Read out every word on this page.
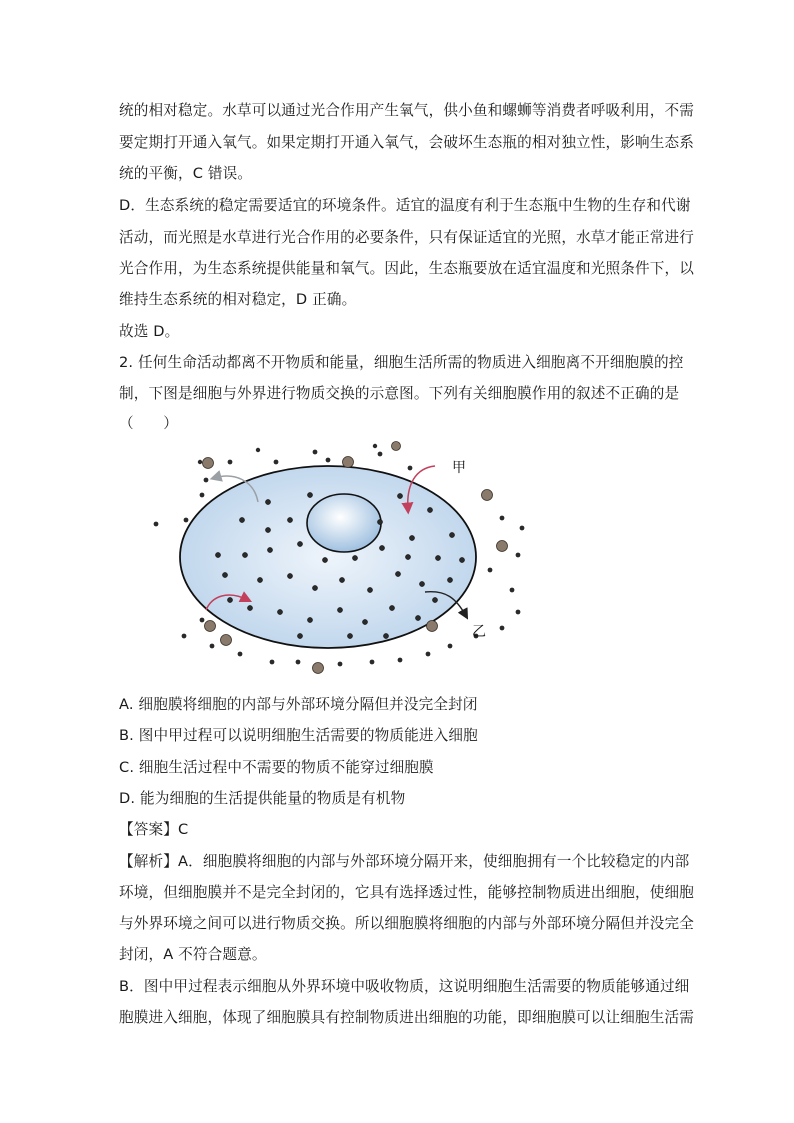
统的相对稳定。水草可以通过光合作用产生氧气，供小鱼和螺蛳等消费者呼吸利用，不需
要定期打开通入氧气。如果定期打开通入氧气，会破坏生态瓶的相对独立性，影响生态系
统的平衡，C 错误。
D．生态系统的稳定需要适宜的环境条件。适宜的温度有利于生态瓶中生物的生存和代谢
活动，而光照是水草进行光合作用的必要条件，只有保证适宜的光照，水草才能正常进行
光合作用，为生态系统提供能量和氧气。因此，生态瓶要放在适宜温度和光照条件下，以
维持生态系统的相对稳定，D 正确。
故选 D。
2. 任何生命活动都离不开物质和能量，细胞生活所需的物质进入细胞离不开细胞膜的控
制，下图是细胞与外界进行物质交换的示意图。下列有关细胞膜作用的叙述不正确的是
（　　）
甲
乙
A. 细胞膜将细胞的内部与外部环境分隔但并没完全封闭
B. 图中甲过程可以说明细胞生活需要的物质能进入细胞
C. 细胞生活过程中不需要的物质不能穿过细胞膜
D. 能为细胞的生活提供能量的物质是有机物
【答案】C
【解析】A．细胞膜将细胞的内部与外部环境分隔开来，使细胞拥有一个比较稳定的内部
环境，但细胞膜并不是完全封闭的，它具有选择透过性，能够控制物质进出细胞，使细胞
与外界环境之间可以进行物质交换。所以细胞膜将细胞的内部与外部环境分隔但并没完全
封闭，A 不符合题意。
B．图中甲过程表示细胞从外界环境中吸收物质，这说明细胞生活需要的物质能够通过细
胞膜进入细胞，体现了细胞膜具有控制物质进出细胞的功能，即细胞膜可以让细胞生活需
